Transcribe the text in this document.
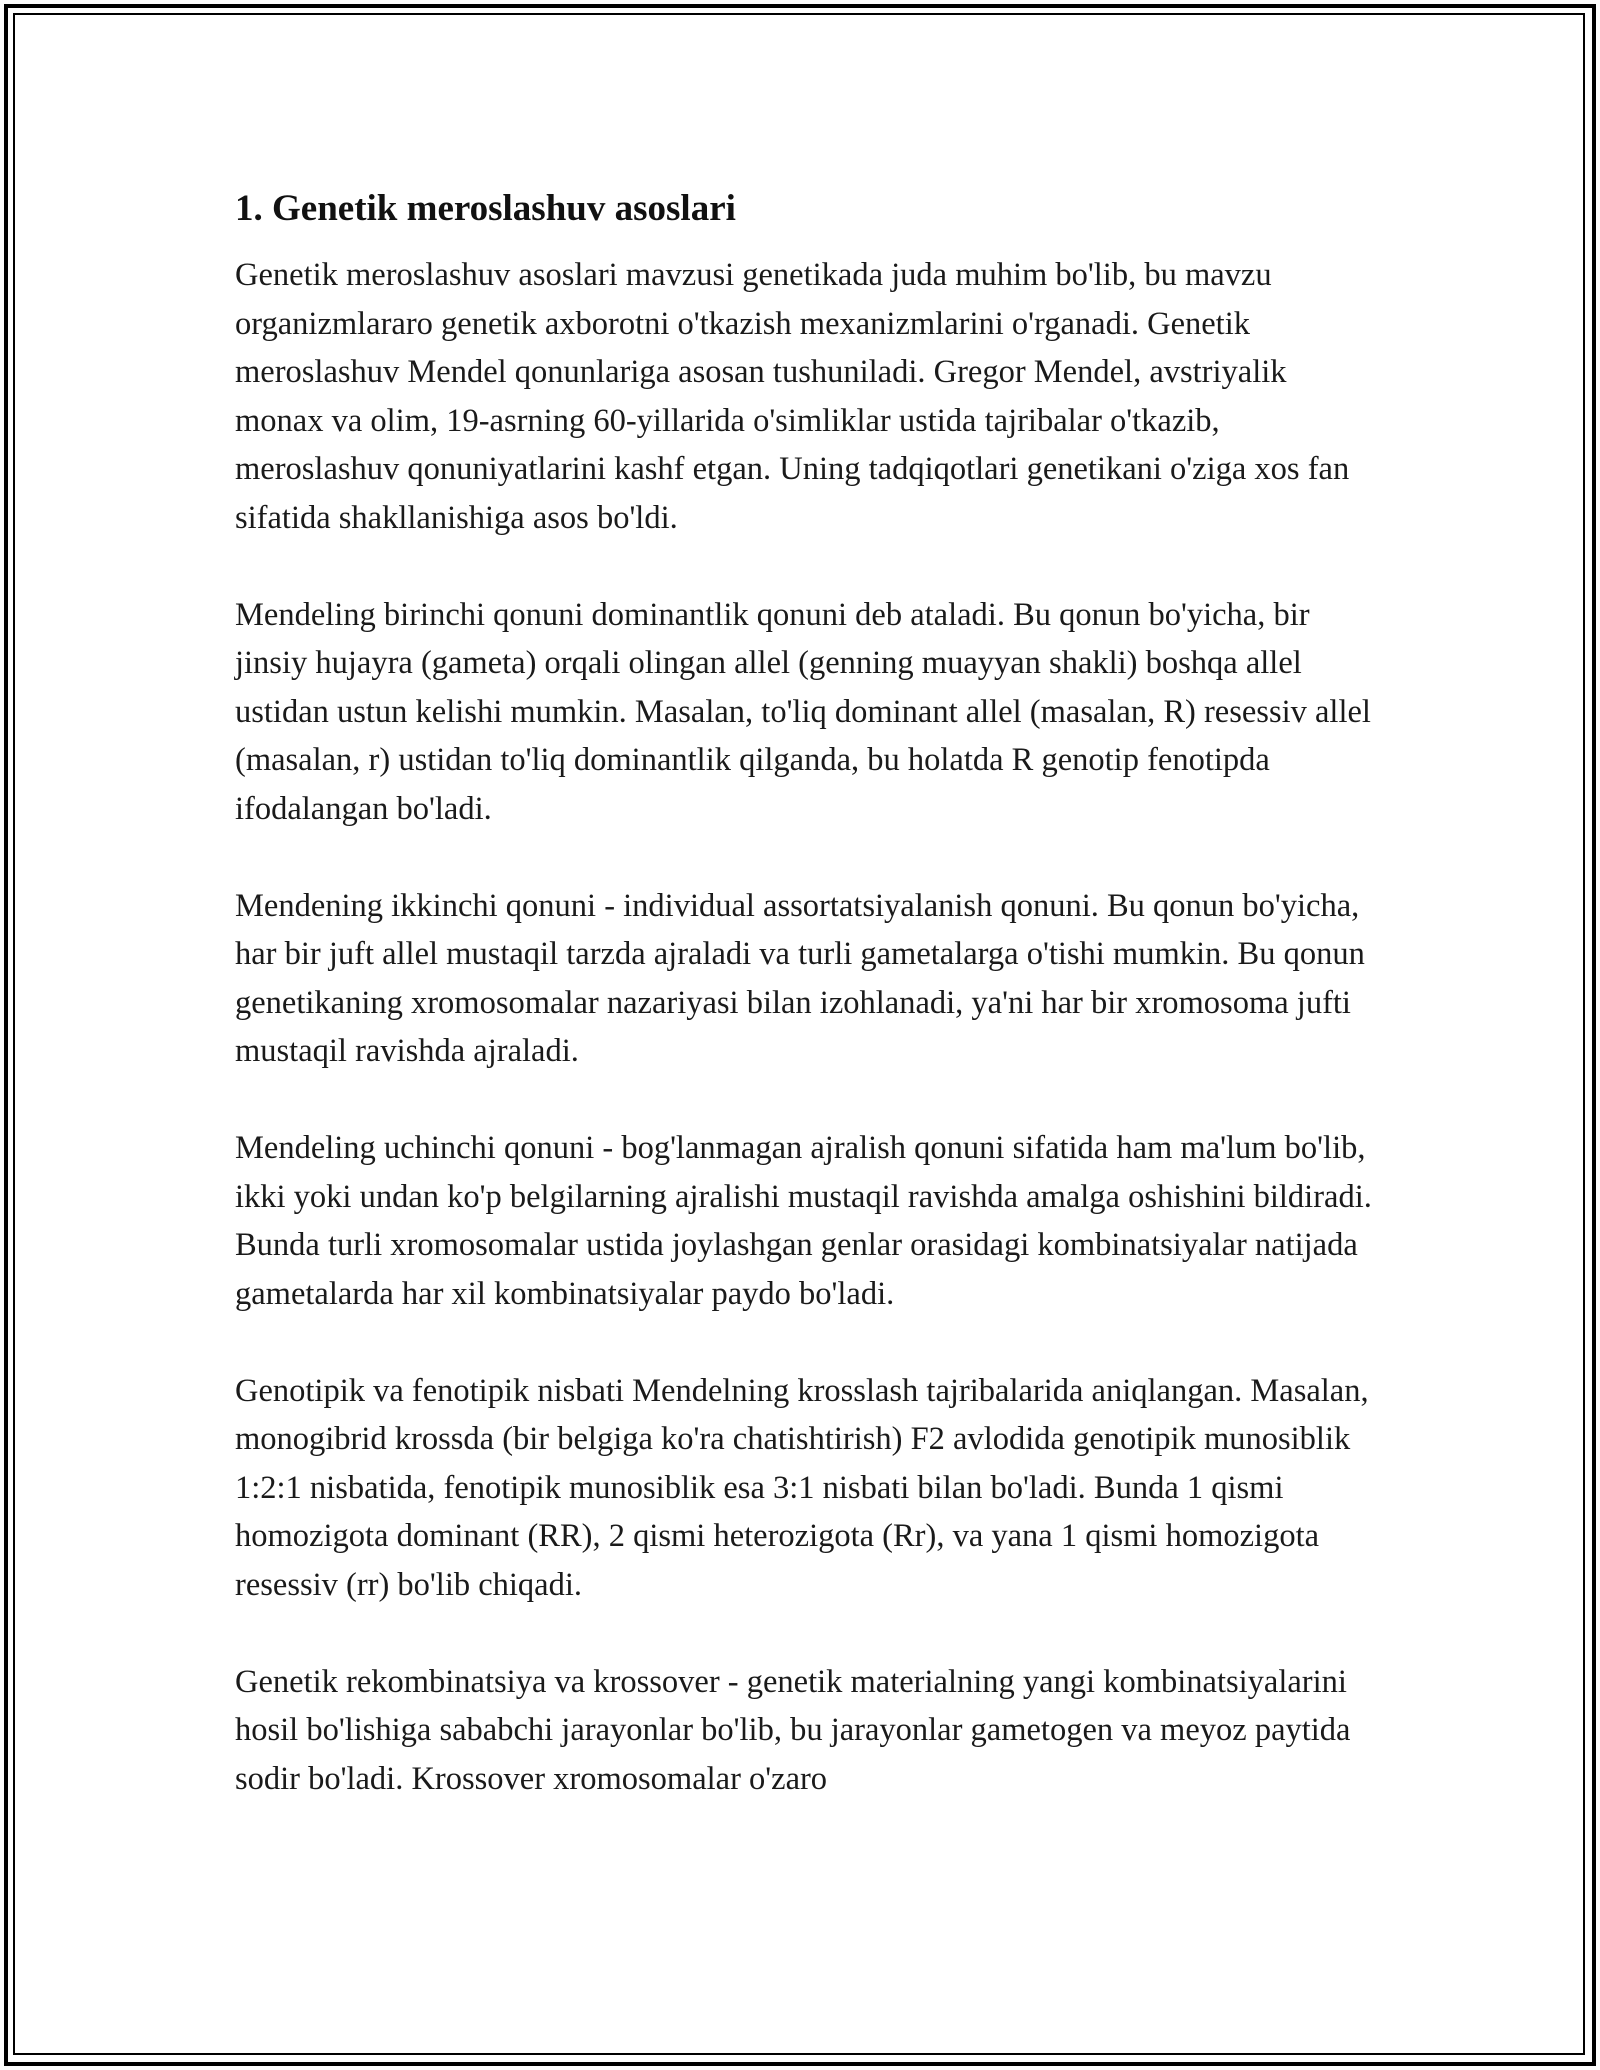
1. Genetik meroslashuv asoslari

Genetik meroslashuv asoslari mavzusi genetikada juda muhim bo'lib, bu mavzu organizmlararo genetik axborotni o'tkazish mexanizmlarini o'rganadi. Genetik meroslashuv Mendel qonunlariga asosan tushuniladi. Gregor Mendel, avstriyalik monax va olim, 19-asrning 60-yillarida o'simliklar ustida tajribalar o'tkazib, meroslashuv qonuniyatlarini kashf etgan. Uning tadqiqotlari genetikani o'ziga xos fan sifatida shakllanishiga asos bo'ldi.

Mendeling birinchi qonuni dominantlik qonuni deb ataladi. Bu qonun bo'yicha, bir jinsiy hujayra (gameta) orqali olingan allel (genning muayyan shakli) boshqa allel ustidan ustun kelishi mumkin. Masalan, to'liq dominant allel (masalan, R) resessiv allel (masalan, r) ustidan to'liq dominantlik qilganda, bu holatda R genotip fenotipda ifodalangan bo'ladi.

Mendening ikkinchi qonuni - individual assortatsiyalanish qonuni. Bu qonun bo'yicha, har bir juft allel mustaqil tarzda ajraladi va turli gametalarga o'tishi mumkin. Bu qonun genetikaning xromosomalar nazariyasi bilan izohlanadi, ya'ni har bir xromosoma jufti mustaqil ravishda ajraladi.

Mendeling uchinchi qonuni - bog'lanmagan ajralish qonuni sifatida ham ma'lum bo'lib, ikki yoki undan ko'p belgilarning ajralishi mustaqil ravishda amalga oshishini bildiradi. Bunda turli xromosomalar ustida joylashgan genlar orasidagi kombinatsiyalar natijada gametalarda har xil kombinatsiyalar paydo bo'ladi.

Genotipik va fenotipik nisbati Mendelning krosslash tajribalarida aniqlangan. Masalan, monogibrid krossda (bir belgiga ko'ra chatishtirish) F2 avlodida genotipik munosiblik 1:2:1 nisbatida, fenotipik munosiblik esa 3:1 nisbati bilan bo'ladi. Bunda 1 qismi homozigota dominant (RR), 2 qismi heterozigota (Rr), va yana 1 qismi homozigota resessiv (rr) bo'lib chiqadi.

Genetik rekombinatsiya va krossover - genetik materialning yangi kombinatsiyalarini hosil bo'lishiga sababchi jarayonlar bo'lib, bu jarayonlar gametogen va meyoz paytida sodir bo'ladi. Krossover xromosomalar o'zaro
